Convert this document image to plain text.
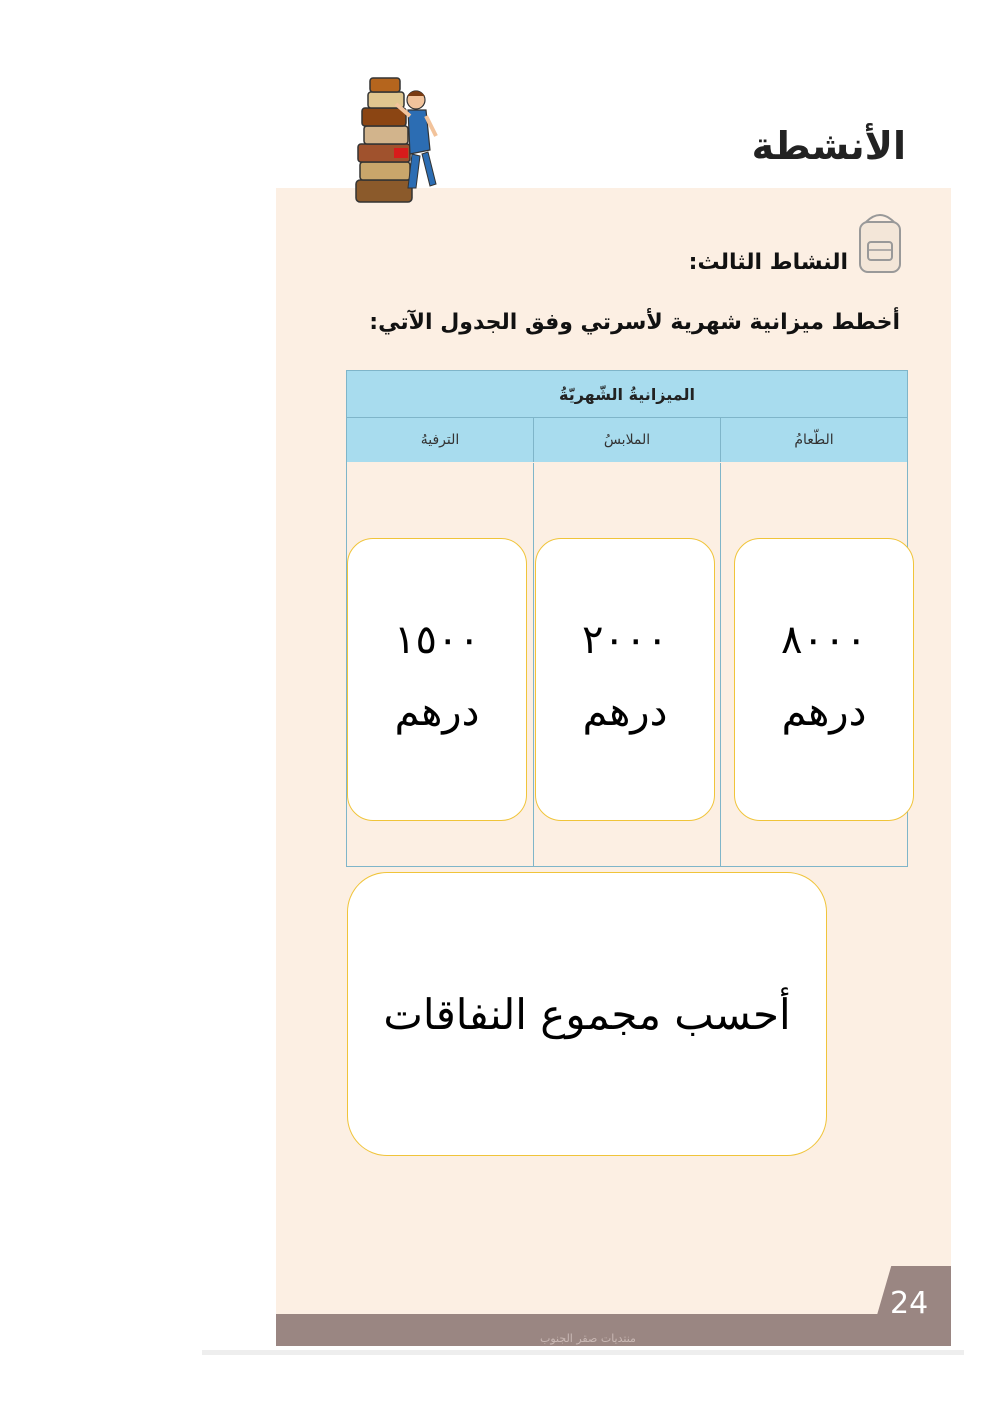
الأنشطة
النشاط الثالث:
أخطط ميزانية شهرية لأسرتي وفق الجدول الآتي:
الميزانيةُ الشّهريّةُ
الطّعامُ
الملابسُ
الترفيهُ
٨٠٠٠
درهم
٢٠٠٠
درهم
١٥٠٠
درهم
أحسب مجموع النفاقات
24
منتديات صقر الجنوب
